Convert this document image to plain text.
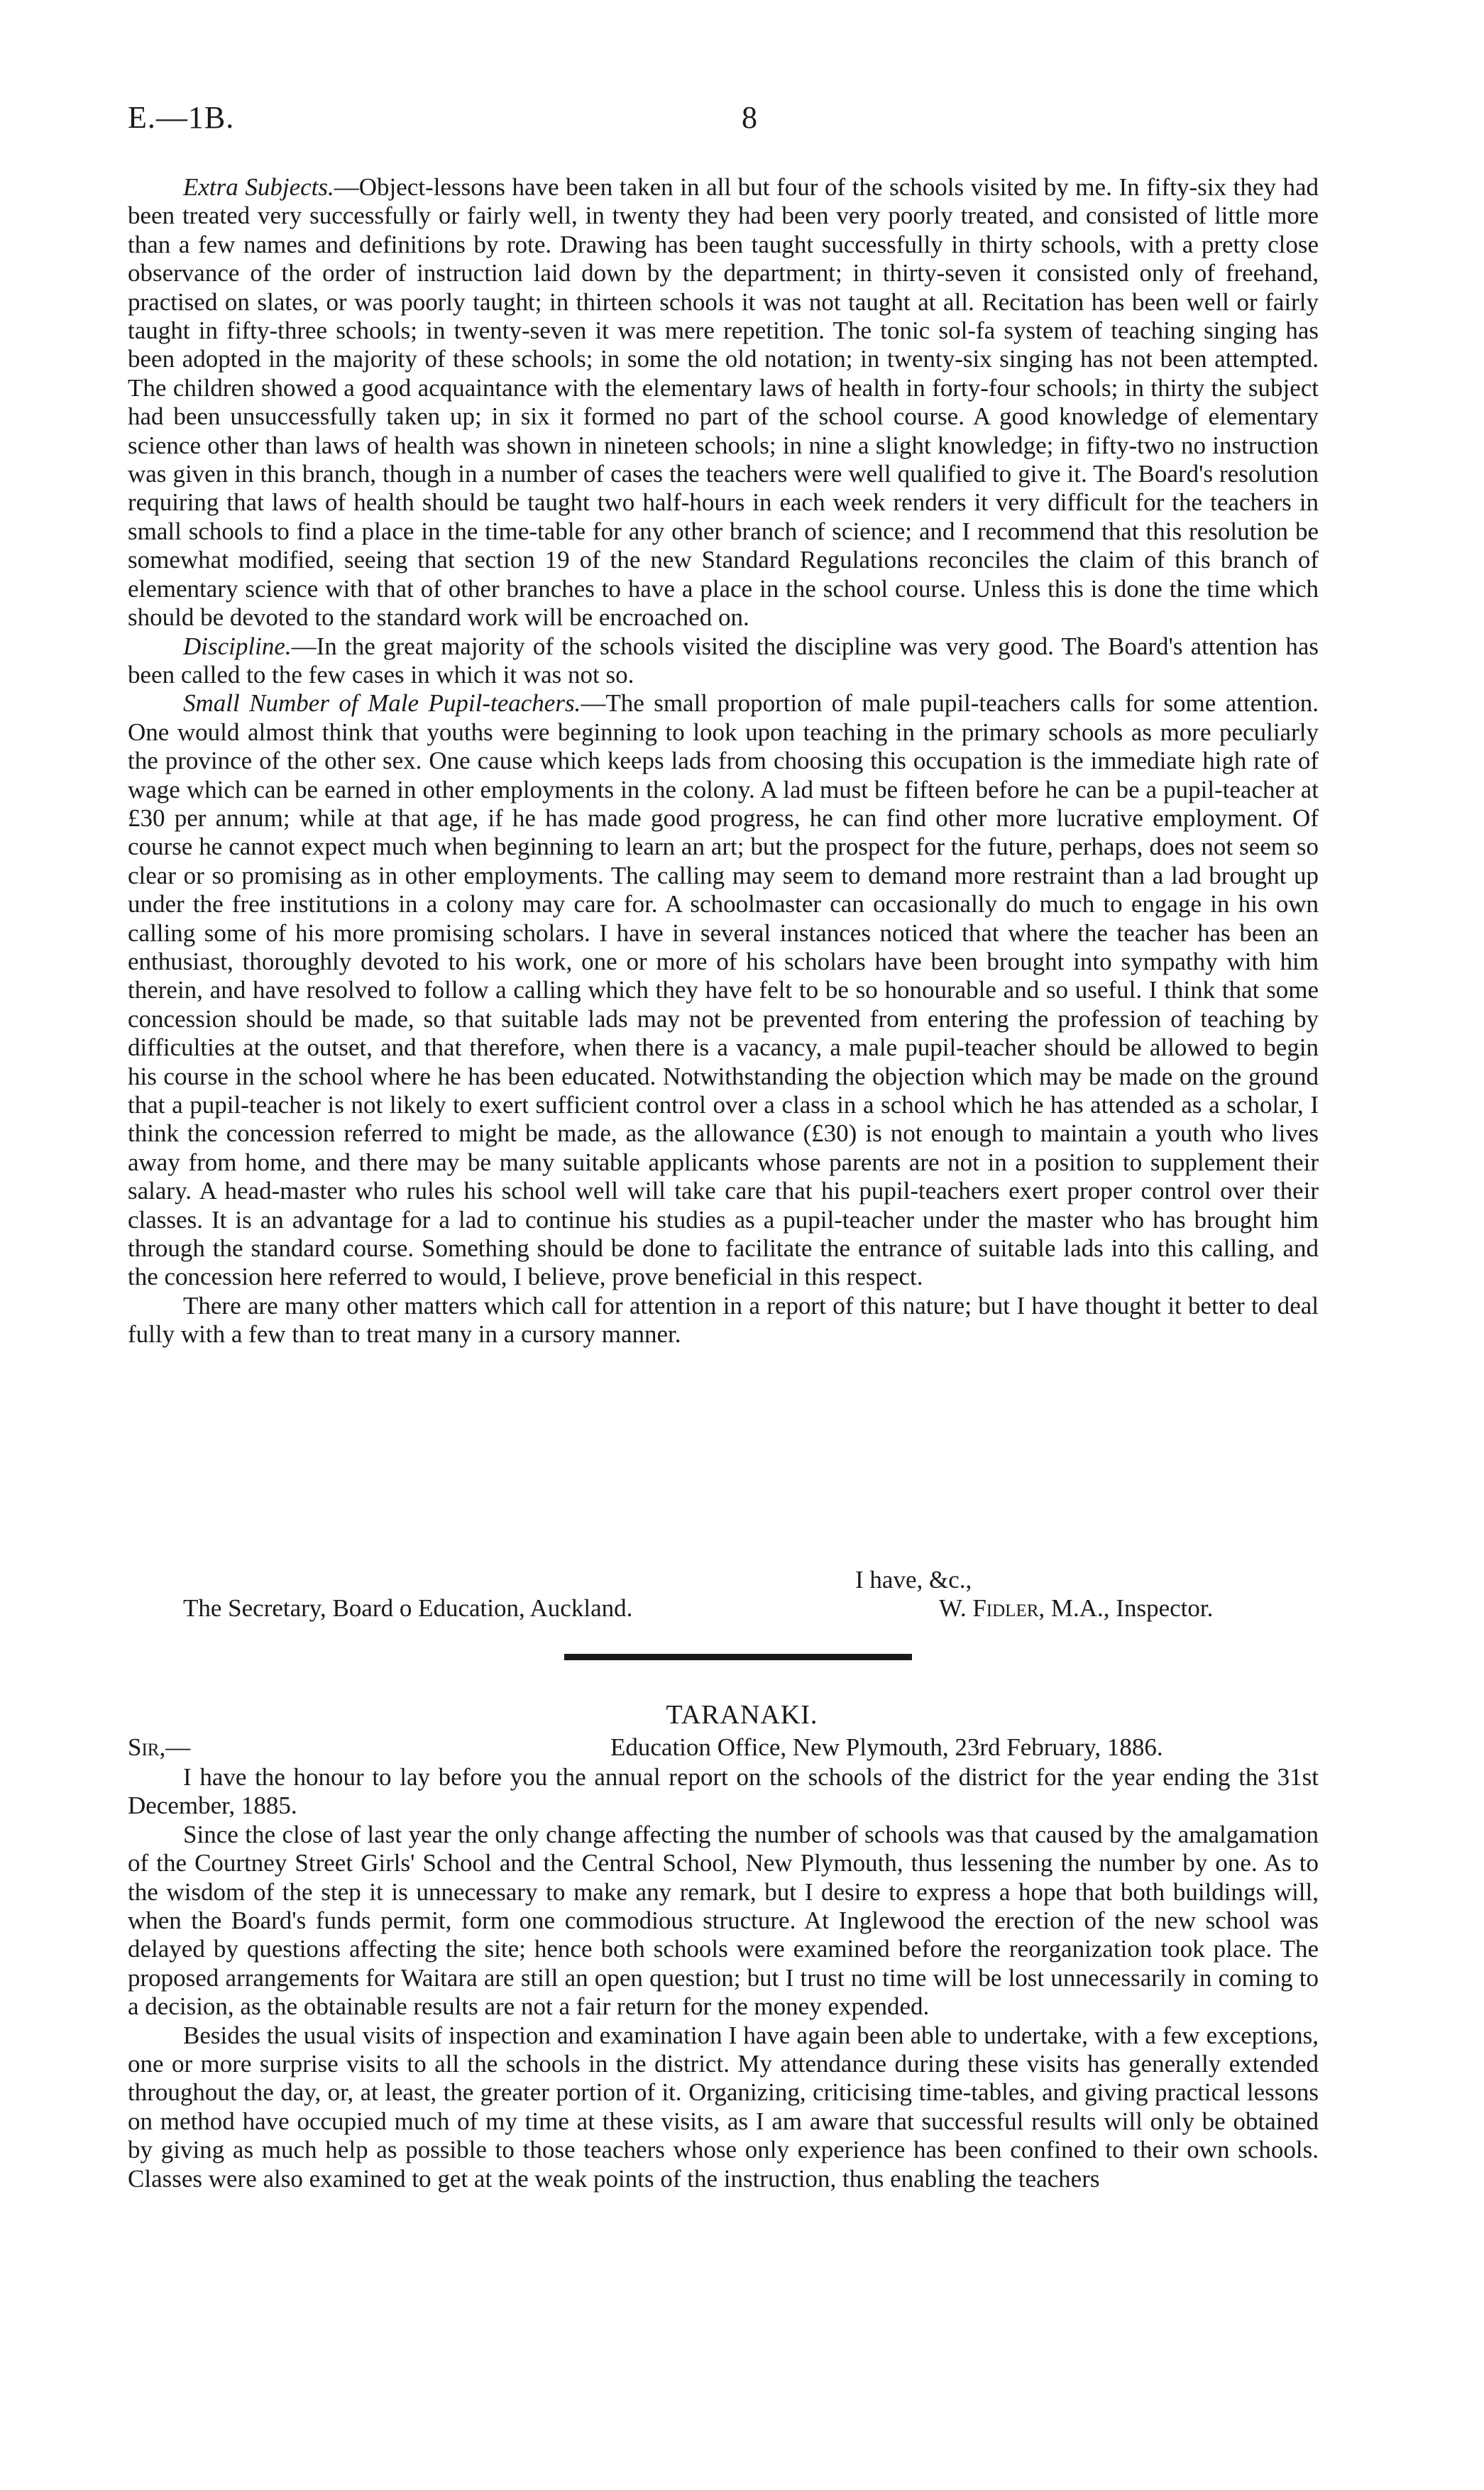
E.—1B.	8

Extra Subjects.—Object-lessons have been taken in all but four of the schools visited by me. In fifty-six they had been treated very successfully or fairly well, in twenty they had been very poorly treated, and consisted of little more than a few names and definitions by rote. Drawing has been taught successfully in thirty schools, with a pretty close observance of the order of instruction laid down by the department; in thirty-seven it consisted only of freehand, practised on slates, or was poorly taught; in thirteen schools it was not taught at all. Recitation has been well or fairly taught in fifty-three schools; in twenty-seven it was mere repetition. The tonic sol-fa system of teaching singing has been adopted in the majority of these schools; in some the old notation; in twenty-six singing has not been attempted. The children showed a good acquaintance with the elementary laws of health in forty-four schools; in thirty the subject had been unsuccessfully taken up; in six it formed no part of the school course. A good knowledge of elementary science other than laws of health was shown in nineteen schools; in nine a slight knowledge; in fifty-two no instruction was given in this branch, though in a number of cases the teachers were well qualified to give it. The Board's resolution requiring that laws of health should be taught two half-hours in each week renders it very difficult for the teachers in small schools to find a place in the time-table for any other branch of science; and I recommend that this resolution be somewhat modified, seeing that section 19 of the new Standard Regulations reconciles the claim of this branch of elementary science with that of other branches to have a place in the school course. Unless this is done the time which should be devoted to the standard work will be encroached on.

Discipline.—In the great majority of the schools visited the discipline was very good. The Board's attention has been called to the few cases in which it was not so.

Small Number of Male Pupil-teachers.—The small proportion of male pupil-teachers calls for some attention. One would almost think that youths were beginning to look upon teaching in the primary schools as more peculiarly the province of the other sex. One cause which keeps lads from choosing this occupation is the immediate high rate of wage which can be earned in other employments in the colony. A lad must be fifteen before he can be a pupil-teacher at £30 per annum; while at that age, if he has made good progress, he can find other more lucrative employment. Of course he cannot expect much when beginning to learn an art; but the prospect for the future, perhaps, does not seem so clear or so promising as in other employments. The calling may seem to demand more restraint than a lad brought up under the free institutions in a colony may care for. A schoolmaster can occasionally do much to engage in his own calling some of his more promising scholars. I have in several instances noticed that where the teacher has been an enthusiast, thoroughly devoted to his work, one or more of his scholars have been brought into sympathy with him therein, and have resolved to follow a calling which they have felt to be so honourable and so useful. I think that some concession should be made, so that suitable lads may not be prevented from entering the profession of teaching by difficulties at the outset, and that therefore, when there is a vacancy, a male pupil-teacher should be allowed to begin his course in the school where he has been educated. Notwithstanding the objection which may be made on the ground that a pupil-teacher is not likely to exert sufficient control over a class in a school which he has attended as a scholar, I think the concession referred to might be made, as the allowance (£30) is not enough to maintain a youth who lives away from home, and there may be many suitable applicants whose parents are not in a position to supplement their salary. A head-master who rules his school well will take care that his pupil-teachers exert proper control over their classes. It is an advantage for a lad to continue his studies as a pupil-teacher under the master who has brought him through the standard course. Something should be done to facilitate the entrance of suitable lads into this calling, and the concession here referred to would, I believe, prove beneficial in this respect.

There are many other matters which call for attention in a report of this nature; but I have thought it better to deal fully with a few than to treat many in a cursory manner.

I have, &c.,
The Secretary, Board o Education, Auckland.	W. Fidler, M.A., Inspector.
TARANAKI.
Sir,—	Education Office, New Plymouth, 23rd February, 1886.

I have the honour to lay before you the annual report on the schools of the district for the year ending the 31st December, 1885.

Since the close of last year the only change affecting the number of schools was that caused by the amalgamation of the Courtney Street Girls' School and the Central School, New Plymouth, thus lessening the number by one. As to the wisdom of the step it is unnecessary to make any remark, but I desire to express a hope that both buildings will, when the Board's funds permit, form one commodious structure. At Inglewood the erection of the new school was delayed by questions affecting the site; hence both schools were examined before the reorganization took place. The proposed arrangements for Waitara are still an open question; but I trust no time will be lost unnecessarily in coming to a decision, as the obtainable results are not a fair return for the money expended.

Besides the usual visits of inspection and examination I have again been able to undertake, with a few exceptions, one or more surprise visits to all the schools in the district. My attendance during these visits has generally extended throughout the day, or, at least, the greater portion of it. Organizing, criticising time-tables, and giving practical lessons on method have occupied much of my time at these visits, as I am aware that successful results will only be obtained by giving as much help as possible to those teachers whose only experience has been confined to their own schools. Classes were also examined to get at the weak points of the instruction, thus enabling the teachers
